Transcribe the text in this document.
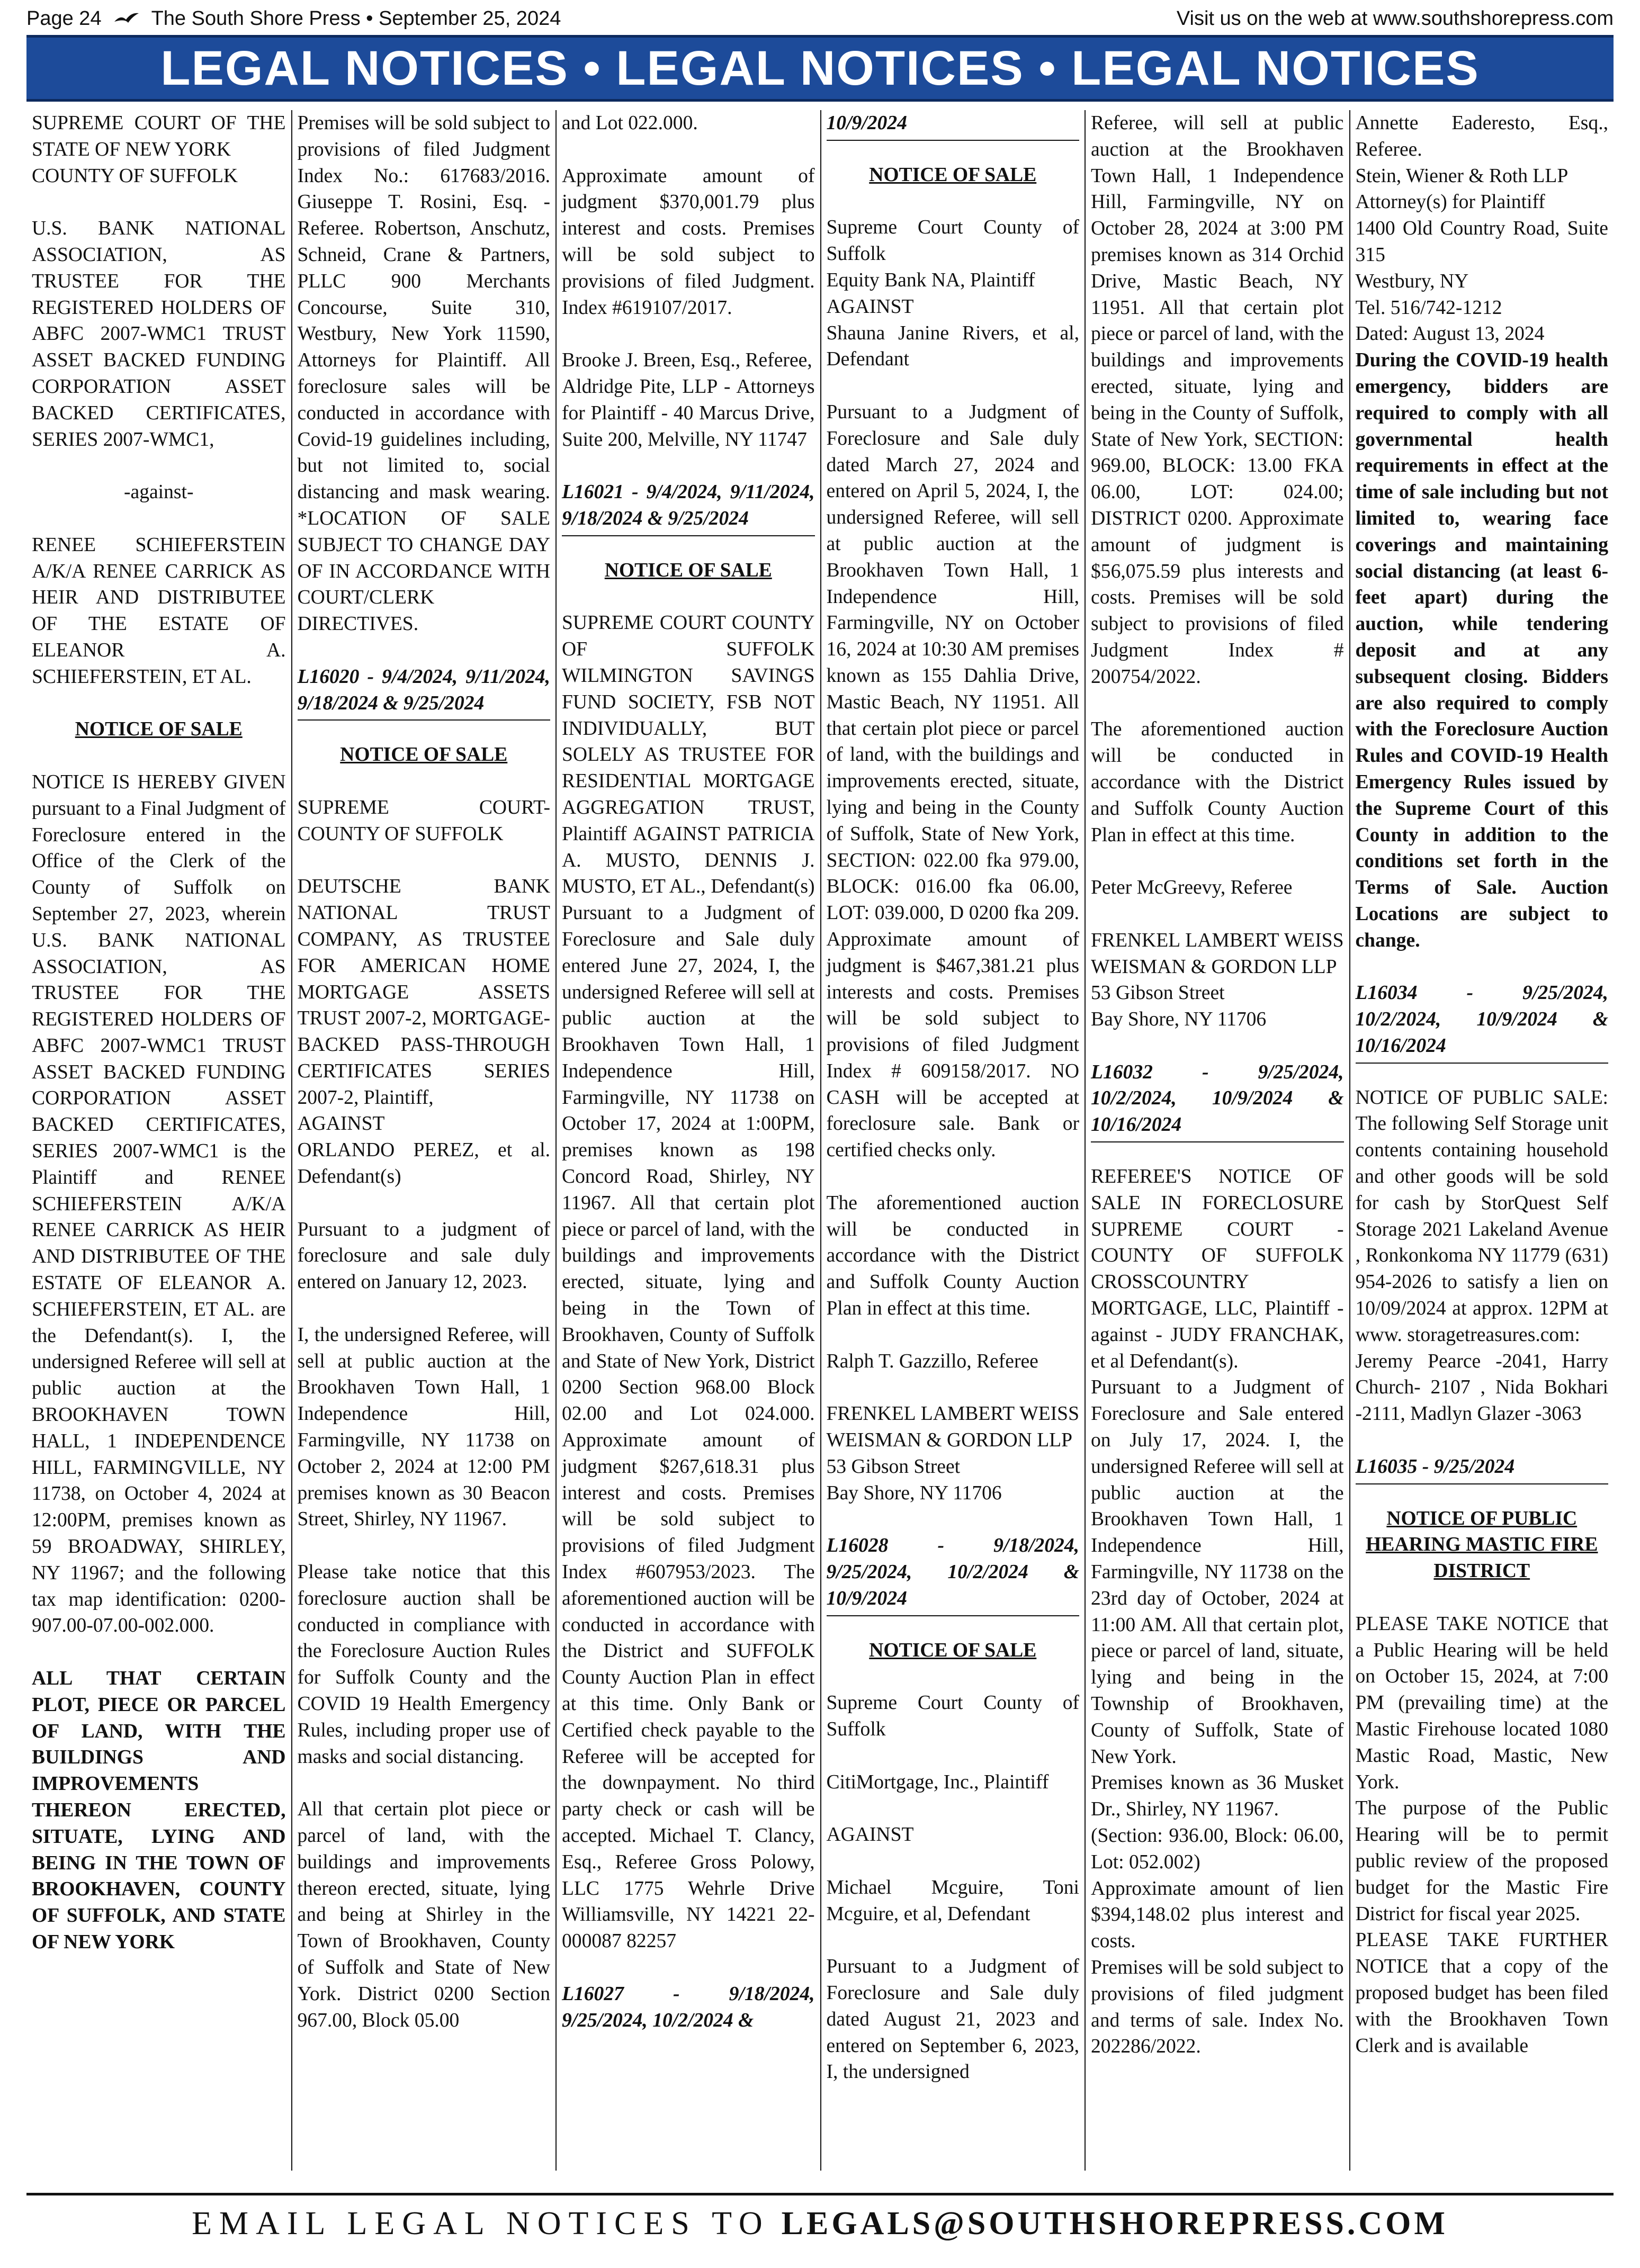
Page 24 The South Shore Press • September 25, 2024	Visit us on the web at www.southshorepress.com
LEGAL NOTICES • LEGAL NOTICES • LEGAL NOTICES

SUPREME COURT OF THE STATE OF NEW YORK

COUNTY OF SUFFOLK

U.S. BANK NATIONAL ASSOCIATION, AS TRUSTEE FOR THE REGISTERED HOLDERS OF ABFC 2007-WMC1 TRUST ASSET BACKED FUNDING CORPORATION ASSET BACKED CERTIFICATES, SERIES 2007-WMC1,

-against-

RENEE SCHIEFERSTEIN A/K/A RENEE CARRICK AS HEIR AND DISTRIBUTEE OF THE ESTATE OF ELEANOR A. SCHIEFERSTEIN, ET AL.

NOTICE OF SALE

NOTICE IS HEREBY GIVEN pursuant to a Final Judgment of Foreclosure entered in the Office of the Clerk of the County of Suffolk on September 27, 2023, wherein U.S. BANK NATIONAL ASSOCIATION, AS TRUSTEE FOR THE REGISTERED HOLDERS OF ABFC 2007-WMC1 TRUST ASSET BACKED FUNDING CORPORATION ASSET BACKED CERTIFICATES, SERIES 2007-WMC1 is the Plaintiff and RENEE SCHIEFERSTEIN A/K/A RENEE CARRICK AS HEIR AND DISTRIBUTEE OF THE ESTATE OF ELEANOR A. SCHIEFERSTEIN, ET AL. are the Defendant(s). I, the undersigned Referee will sell at public auction at the BROOKHAVEN TOWN HALL, 1 INDEPENDENCE HILL, FARMINGVILLE, NY 11738, on October 4, 2024 at 12:00PM, premises known as 59 BROADWAY, SHIRLEY, NY 11967; and the following tax map identification: 0200-907.00-07.00-002.000.

ALL THAT CERTAIN PLOT, PIECE OR PARCEL OF LAND, WITH THE BUILDINGS AND IMPROVEMENTS THEREON ERECTED, SITUATE, LYING AND BEING IN THE TOWN OF BROOKHAVEN, COUNTY OF SUFFOLK, AND STATE OF NEW YORK

Premises will be sold subject to provisions of filed Judgment Index No.: 617683/2016. Giuseppe T. Rosini, Esq. - Referee. Robertson, Anschutz, Schneid, Crane & Partners, PLLC 900 Merchants Concourse, Suite 310, Westbury, New York 11590, Attorneys for Plaintiff. All foreclosure sales will be conducted in accordance with Covid-19 guidelines including, but not limited to, social distancing and mask wearing. *LOCATION OF SALE SUBJECT TO CHANGE DAY OF IN ACCORDANCE WITH COURT/CLERK DIRECTIVES.

L16020 - 9/4/2024, 9/11/2024, 9/18/2024 & 9/25/2024

NOTICE OF SALE

SUPREME COURT- COUNTY OF SUFFOLK

DEUTSCHE BANK NATIONAL TRUST COMPANY, AS TRUSTEE FOR AMERICAN HOME MORTGAGE ASSETS TRUST 2007-2, MORTGAGE-BACKED PASS-THROUGH CERTIFICATES SERIES 2007-2, Plaintiff,

AGAINST

ORLANDO PEREZ, et al. Defendant(s)

Pursuant to a judgment of foreclosure and sale duly entered on January 12, 2023.

I, the undersigned Referee, will sell at public auction at the Brookhaven Town Hall, 1 Independence Hill, Farmingville, NY 11738 on October 2, 2024 at 12:00 PM premises known as 30 Beacon Street, Shirley, NY 11967.

Please take notice that this foreclosure auction shall be conducted in compliance with the Foreclosure Auction Rules for Suffolk County and the COVID 19 Health Emergency Rules, including proper use of masks and social distancing.

All that certain plot piece or parcel of land, with the buildings and improvements thereon erected, situate, lying and being at Shirley in the Town of Brookhaven, County of Suffolk and State of New York. District 0200 Section 967.00, Block 05.00

and Lot 022.000.

Approximate amount of judgment $370,001.79 plus interest and costs. Premises will be sold subject to provisions of filed Judgment. Index #619107/2017.

Brooke J. Breen, Esq., Referee,

Aldridge Pite, LLP - Attorneys for Plaintiff - 40 Marcus Drive, Suite 200, Melville, NY 11747

L16021 - 9/4/2024, 9/11/2024, 9/18/2024 & 9/25/2024

NOTICE OF SALE

SUPREME COURT COUNTY OF SUFFOLK WILMINGTON SAVINGS FUND SOCIETY, FSB NOT INDIVIDUALLY, BUT SOLELY AS TRUSTEE FOR RESIDENTIAL MORTGAGE AGGREGATION TRUST, Plaintiff AGAINST PATRICIA A. MUSTO, DENNIS J. MUSTO, ET AL., Defendant(s) Pursuant to a Judgment of Foreclosure and Sale duly entered June 27, 2024, I, the undersigned Referee will sell at public auction at the Brookhaven Town Hall, 1 Independence Hill, Farmingville, NY 11738 on October 17, 2024 at 1:00PM, premises known as 198 Concord Road, Shirley, NY 11967. All that certain plot piece or parcel of land, with the buildings and improvements erected, situate, lying and being in the Town of Brookhaven, County of Suffolk and State of New York, District 0200 Section 968.00 Block 02.00 and Lot 024.000. Approximate amount of judgment $267,618.31 plus interest and costs. Premises will be sold subject to provisions of filed Judgment Index #607953/2023. The aforementioned auction will be conducted in accordance with the District and SUFFOLK County Auction Plan in effect at this time. Only Bank or Certified check payable to the Referee will be accepted for the downpayment. No third party check or cash will be accepted. Michael T. Clancy, Esq., Referee Gross Polowy, LLC 1775 Wehrle Drive Williamsville, NY 14221 22-000087 82257

L16027 - 9/18/2024, 9/25/2024, 10/2/2024 &

10/9/2024

NOTICE OF SALE

Supreme Court County of Suffolk

Equity Bank NA, Plaintiff

AGAINST

Shauna Janine Rivers, et al, Defendant

Pursuant to a Judgment of Foreclosure and Sale duly dated March 27, 2024 and entered on April 5, 2024, I, the undersigned Referee, will sell at public auction at the Brookhaven Town Hall, 1 Independence Hill, Farmingville, NY on October 16, 2024 at 10:30 AM premises known as 155 Dahlia Drive, Mastic Beach, NY 11951. All that certain plot piece or parcel of land, with the buildings and improvements erected, situate, lying and being in the County of Suffolk, State of New York, SECTION: 022.00 fka 979.00, BLOCK: 016.00 fka 06.00, LOT: 039.000, D 0200 fka 209. Approximate amount of judgment is $467,381.21 plus interests and costs. Premises will be sold subject to provisions of filed Judgment Index # 609158/2017. NO CASH will be accepted at foreclosure sale. Bank or certified checks only.

The aforementioned auction will be conducted in accordance with the District and Suffolk County Auction Plan in effect at this time.

Ralph T. Gazzillo, Referee

FRENKEL LAMBERT WEISS WEISMAN & GORDON LLP

53 Gibson Street

Bay Shore, NY 11706

L16028 - 9/18/2024, 9/25/2024, 10/2/2024 & 10/9/2024

NOTICE OF SALE

Supreme Court County of Suffolk

CitiMortgage, Inc., Plaintiff

AGAINST

Michael Mcguire, Toni Mcguire, et al, Defendant

Pursuant to a Judgment of Foreclosure and Sale duly dated August 21, 2023 and entered on September 6, 2023, I, the undersigned

Referee, will sell at public auction at the Brookhaven Town Hall, 1 Independence Hill, Farmingville, NY on October 28, 2024 at 3:00 PM premises known as 314 Orchid Drive, Mastic Beach, NY 11951. All that certain plot piece or parcel of land, with the buildings and improvements erected, situate, lying and being in the County of Suffolk, State of New York, SECTION: 969.00, BLOCK: 13.00 FKA 06.00, LOT: 024.00; DISTRICT 0200. Approximate amount of judgment is $56,075.59 plus interests and costs. Premises will be sold subject to provisions of filed Judgment Index # 200754/2022.

The aforementioned auction will be conducted in accordance with the District and Suffolk County Auction Plan in effect at this time.

Peter McGreevy, Referee

FRENKEL LAMBERT WEISS WEISMAN & GORDON LLP

53 Gibson Street

Bay Shore, NY 11706

L16032 - 9/25/2024, 10/2/2024, 10/9/2024 & 10/16/2024

REFEREE'S NOTICE OF SALE IN FORECLOSURE SUPREME COURT - COUNTY OF SUFFOLK CROSSCOUNTRY MORTGAGE, LLC, Plaintiff - against - JUDY FRANCHAK, et al Defendant(s).

Pursuant to a Judgment of Foreclosure and Sale entered on July 17, 2024. I, the undersigned Referee will sell at public auction at the Brookhaven Town Hall, 1 Independence Hill, Farmingville, NY 11738 on the 23rd day of October, 2024 at 11:00 AM. All that certain plot, piece or parcel of land, situate, lying and being in the Township of Brookhaven, County of Suffolk, State of New York.

Premises known as 36 Musket Dr., Shirley, NY 11967.

(Section: 936.00, Block: 06.00, Lot: 052.002)

Approximate amount of lien $394,148.02 plus interest and costs.

Premises will be sold subject to provisions of filed judgment and terms of sale. Index No. 202286/2022.

Annette Eaderesto, Esq., Referee.

Stein, Wiener & Roth LLP

Attorney(s) for Plaintiff

1400 Old Country Road, Suite 315

Westbury, NY

Tel. 516/742-1212

Dated: August 13, 2024

During the COVID-19 health emergency, bidders are required to comply with all governmental health requirements in effect at the time of sale including but not limited to, wearing face coverings and maintaining social distancing (at least 6-feet apart) during the auction, while tendering deposit and at any subsequent closing. Bidders are also required to comply with the Foreclosure Auction Rules and COVID-19 Health Emergency Rules issued by the Supreme Court of this County in addition to the conditions set forth in the Terms of Sale. Auction Locations are subject to change.

L16034 - 9/25/2024, 10/2/2024, 10/9/2024 & 10/16/2024

NOTICE OF PUBLIC SALE: The following Self Storage unit contents containing household and other goods will be sold for cash by StorQuest Self Storage 2021 Lakeland Avenue , Ronkonkoma NY 11779 (631) 954-2026 to satisfy a lien on 10/09/2024 at approx. 12PM at www. storagetreasures.com:

Jeremy Pearce -2041, Harry Church- 2107 , Nida Bokhari -2111, Madlyn Glazer -3063

L16035 - 9/25/2024

NOTICE OF PUBLIC HEARING MASTIC FIRE DISTRICT

PLEASE TAKE NOTICE that a Public Hearing will be held on October 15, 2024, at 7:00 PM (prevailing time) at the Mastic Firehouse located 1080 Mastic Road, Mastic, New York.

The purpose of the Public Hearing will be to permit public review of the proposed budget for the Mastic Fire District for fiscal year 2025.

PLEASE TAKE FURTHER NOTICE that a copy of the proposed budget has been filed with the Brookhaven Town Clerk and is available

EMAIL LEGAL NOTICES TO LEGALS@SOUTHSHOREPRESS.COM
